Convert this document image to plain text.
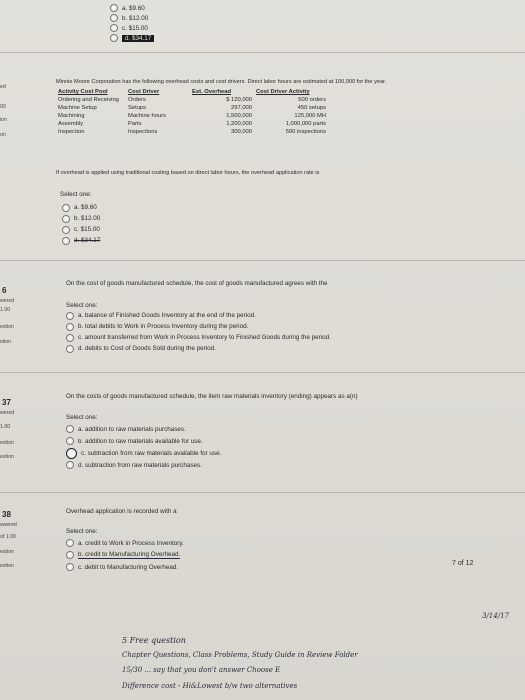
a. $9.60
b. $12.00
c. $15.00
d. $34.17
ed
00
ion
on
Minnie Moore Corporation has the following overhead costs and cost drivers. Direct labor hours are estimated at 100,000 for the year.
Activity Cost Pool	Cost Driver	Est. Overhead	Cost Driver Activity
Ordering and Receiving	Orders	$ 120,000	500 orders
Machine Setup	Setups	297,000	450 setups
Machining	Machine hours	1,500,000	125,000 MH
Assembly	Parts	1,200,000	1,000,000 parts
Inspection	Inspections	300,000	500 inspections
If overhead is applied using traditional costing based on direct labor hours, the overhead application rate is
Select one:
a. $9.60
b. $12.00
c. $15.00
d. $34.17
6
wered
1.00
estion
stion
On the cost of goods manufactured schedule, the cost of goods manufactured agrees with the
Select one:
a. balance of Finished Goods Inventory at the end of the period.
b. total debits to Work in Process Inventory during the period.
c. amount transferred from Work in Process Inventory to Finished Goods during the period.
d. debits to Cost of Goods Sold during the period.
37
wered
1.00
estion
estion
On the costs of goods manufactured schedule, the item raw materials inventory (ending) appears as a(n)
Select one:
a. addition to raw materials purchases.
b. addition to raw materials available for use.
c. subtraction from raw materials available for use.
d. subtraction from raw materials purchases.
38
swered
of 1.00
estion
estion
Overhead application is recorded with a
Select one:
a. credit to Work in Process Inventory.
b. credit to Manufacturing Overhead.
c. debit to Manufacturing Overhead.	7 of 12
3/14/17
5 Free question
Chapter Questions, Class Problems, Study Guide in Review Folder
15/30 ... say that you don't answer Choose E
Difference cost - Hi&Lowest b/w two alternatives
